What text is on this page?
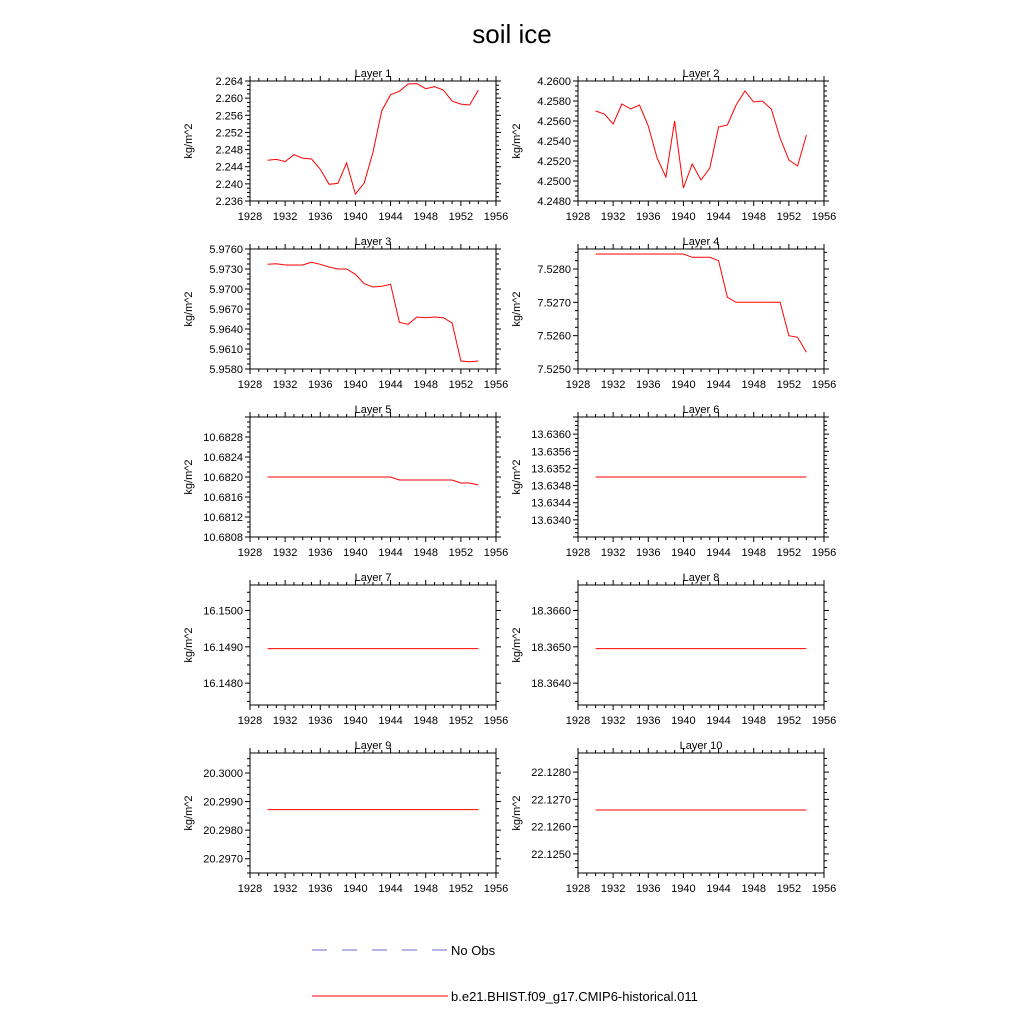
soil ice
Layer 1
kg/m^2
1928 1932 1936 1940 1944 1948 1952 1956
2.236
2.240
2.244
2.248
2.252
2.256
2.260
2.264
Layer 2
kg/m^2
1928 1932 1936 1940 1944 1948 1952 1956
4.2480
4.2500
4.2520
4.2540
4.2560
4.2580
4.2600
Layer 3
kg/m^2
1928 1932 1936 1940 1944 1948 1952 1956
5.9580
5.9610
5.9640
5.9670
5.9700
5.9730
5.9760
Layer 4
kg/m^2
1928 1932 1936 1940 1944 1948 1952 1956
7.5250
7.5260
7.5270
7.5280
Layer 5
kg/m^2
1928 1932 1936 1940 1944 1948 1952 1956
10.6808
10.6812
10.6816
10.6820
10.6824
10.6828
Layer 6
kg/m^2
1928 1932 1936 1940 1944 1948 1952 1956
13.6340
13.6344
13.6348
13.6352
13.6356
13.6360
Layer 7
kg/m^2
1928 1932 1936 1940 1944 1948 1952 1956
16.1480
16.1490
16.1500
Layer 8
kg/m^2
1928 1932 1936 1940 1944 1948 1952 1956
18.3640
18.3650
18.3660
Layer 9
kg/m^2
1928 1932 1936 1940 1944 1948 1952 1956
20.2970
20.2980
20.2990
20.3000
Layer 10
kg/m^2
1928 1932 1936 1940 1944 1948 1952 1956
22.1250
22.1260
22.1270
22.1280
No Obs
b.e21.BHIST.f09_g17.CMIP6-historical.011
